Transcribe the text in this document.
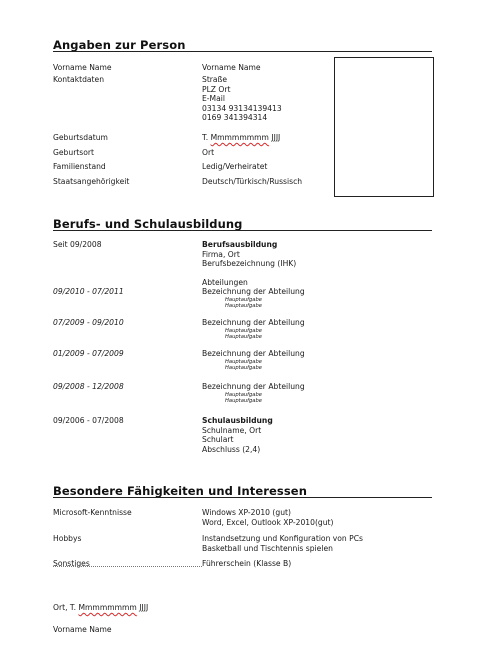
Angaben zur Person
Vorname Name	Vorname Name
Kontaktdaten	Straße
PLZ Ort
E-Mail
03134 93134139413
0169 341394314
Geburtsdatum	T. Mmmmmmmm JJJJ
Geburtsort	Ort
Familienstand	Ledig/Verheiratet
Staatsangehörigkeit	Deutsch/Türkisch/Russisch
Berufs- und Schulausbildung
Seit 09/2008	Berufsausbildung
Firma, Ort
Berufsbezeichnung (IHK)
Abteilungen
09/2010 - 07/2011	Bezeichnung der Abteilung
Hauptaufgabe
Hauptaufgabe
07/2009 - 09/2010	Bezeichnung der Abteilung
Hauptaufgabe
Hauptaufgabe
01/2009 - 07/2009	Bezeichnung der Abteilung
Hauptaufgabe
Hauptaufgabe
09/2008 - 12/2008	Bezeichnung der Abteilung
Hauptaufgabe
Hauptaufgabe
09/2006 - 07/2008	Schulausbildung
Schulname, Ort
Schulart
Abschluss (2,4)
Besondere Fähigkeiten und Interessen
Microsoft-Kenntnisse	Windows XP-2010 (gut)
Word, Excel, Outlook XP-2010(gut)
Hobbys	Instandsetzung und Konfiguration von PCs
Basketball und Tischtennis spielen
Sonstiges	Führerschein (Klasse B)
Ort, T. Mmmmmmmm JJJJ
Vorname Name
